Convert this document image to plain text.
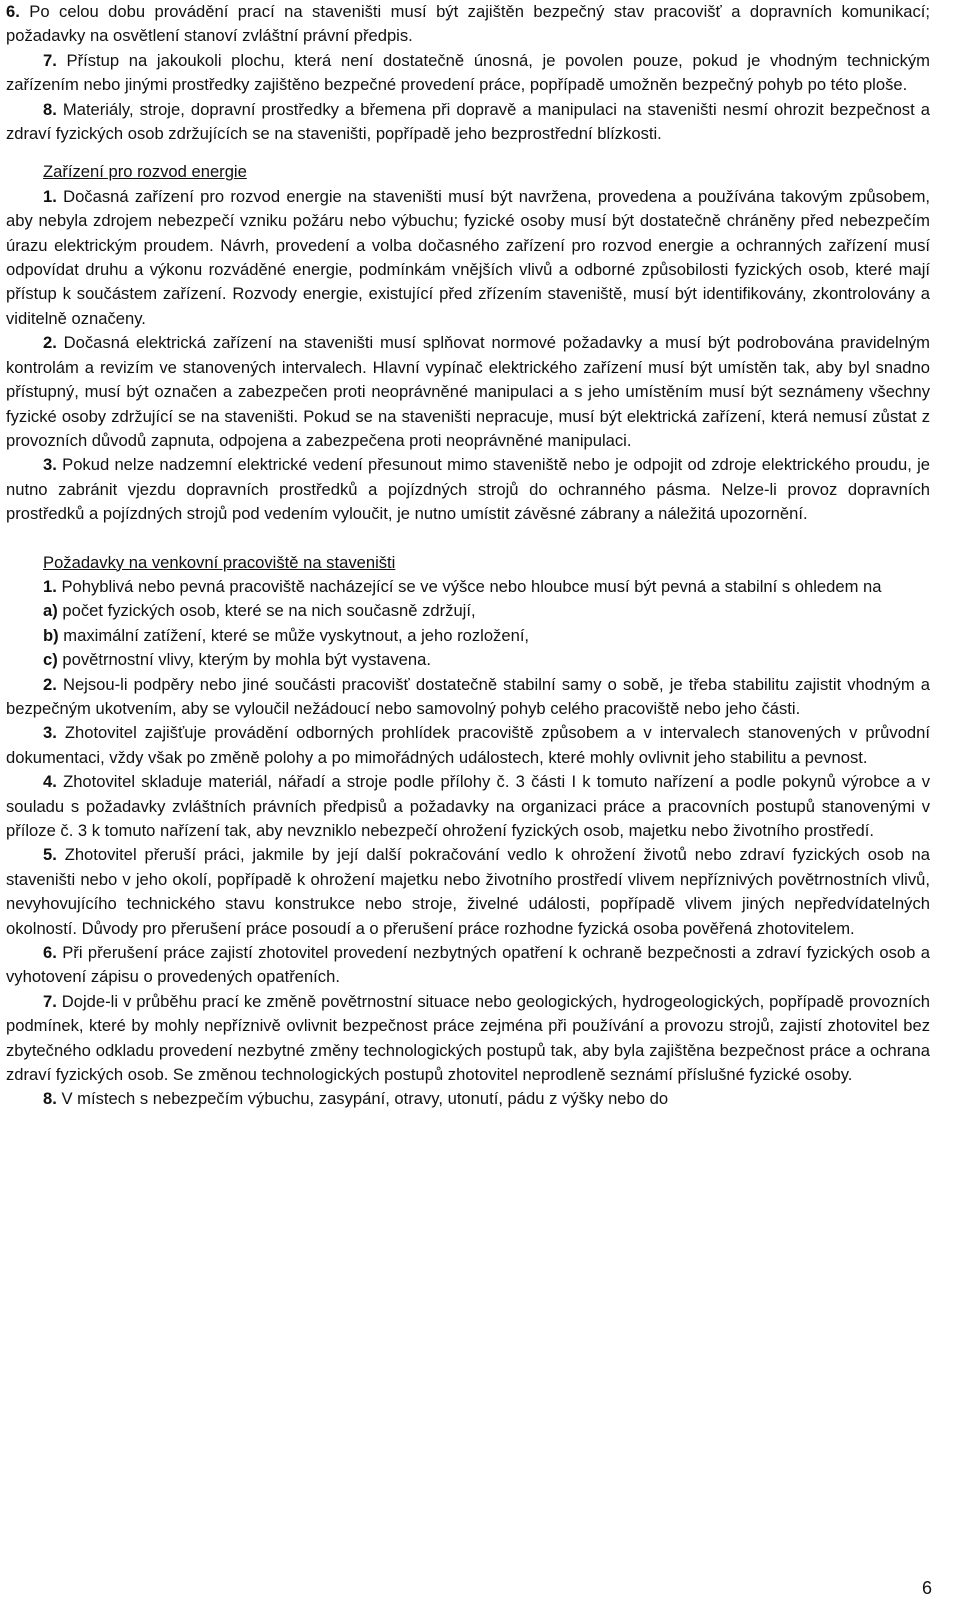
6. Po celou dobu provádění prací na staveništi musí být zajištěn bezpečný stav pracovišť a dopravních komunikací; požadavky na osvětlení stanoví zvláštní právní předpis.

7. Přístup na jakoukoli plochu, která není dostatečně únosná, je povolen pouze, pokud je vhodným technickým zařízením nebo jinými prostředky zajištěno bezpečné provedení práce, popřípadě umožněn bezpečný pohyb po této ploše.

8. Materiály, stroje, dopravní prostředky a břemena při dopravě a manipulaci na staveništi nesmí ohrozit bezpečnost a zdraví fyzických osob zdržujících se na staveništi, popřípadě jeho bezprostřední blízkosti.

Zařízení pro rozvod energie

1. Dočasná zařízení pro rozvod energie na staveništi musí být navržena, provedena a používána takovým způsobem, aby nebyla zdrojem nebezpečí vzniku požáru nebo výbuchu; fyzické osoby musí být dostatečně chráněny před nebezpečím úrazu elektrickým proudem. Návrh, provedení a volba dočasného zařízení pro rozvod energie a ochranných zařízení musí odpovídat druhu a výkonu rozváděné energie, podmínkám vnějších vlivů a odborné způsobilosti fyzických osob, které mají přístup k součástem zařízení. Rozvody energie, existující před zřízením staveniště, musí být identifikovány, zkontrolovány a viditelně označeny.

2. Dočasná elektrická zařízení na staveništi musí splňovat normové požadavky a musí být podrobována pravidelným kontrolám a revizím ve stanovených intervalech. Hlavní vypínač elektrického zařízení musí být umístěn tak, aby byl snadno přístupný, musí být označen a zabezpečen proti neoprávněné manipulaci a s jeho umístěním musí být seznámeny všechny fyzické osoby zdržující se na staveništi. Pokud se na staveništi nepracuje, musí být elektrická zařízení, která nemusí zůstat z provozních důvodů zapnuta, odpojena a zabezpečena proti neoprávněné manipulaci.

3. Pokud nelze nadzemní elektrické vedení přesunout mimo staveniště nebo je odpojit od zdroje elektrického proudu, je nutno zabránit vjezdu dopravních prostředků a pojízdných strojů do ochranného pásma. Nelze-li provoz dopravních prostředků a pojízdných strojů pod vedením vyloučit, je nutno umístit závěsné zábrany a náležitá upozornění.

Požadavky na venkovní pracoviště na staveništi

1. Pohyblivá nebo pevná pracoviště nacházející se ve výšce nebo hloubce musí být pevná a stabilní s ohledem na

a) počet fyzických osob, které se na nich současně zdržují,

b) maximální zatížení, které se může vyskytnout, a jeho rozložení,

c) povětrnostní vlivy, kterým by mohla být vystavena.

2. Nejsou-li podpěry nebo jiné součásti pracovišť dostatečně stabilní samy o sobě, je třeba stabilitu zajistit vhodným a bezpečným ukotvením, aby se vyloučil nežádoucí nebo samovolný pohyb celého pracoviště nebo jeho části.

3. Zhotovitel zajišťuje provádění odborných prohlídek pracoviště způsobem a v intervalech stanovených v průvodní dokumentaci, vždy však po změně polohy a po mimořádných událostech, které mohly ovlivnit jeho stabilitu a pevnost.

4. Zhotovitel skladuje materiál, nářadí a stroje podle přílohy č. 3 části I k tomuto nařízení a podle pokynů výrobce a v souladu s požadavky zvláštních právních předpisů a požadavky na organizaci práce a pracovních postupů stanovenými v příloze č. 3 k tomuto nařízení tak, aby nevzniklo nebezpečí ohrožení fyzických osob, majetku nebo životního prostředí.

5. Zhotovitel přeruší práci, jakmile by její další pokračování vedlo k ohrožení životů nebo zdraví fyzických osob na staveništi nebo v jeho okolí, popřípadě k ohrožení majetku nebo životního prostředí vlivem nepříznivých povětrnostních vlivů, nevyhovujícího technického stavu konstrukce nebo stroje, živelné události, popřípadě vlivem jiných nepředvídatelných okolností. Důvody pro přerušení práce posoudí a o přerušení práce rozhodne fyzická osoba pověřená zhotovitelem.

6. Při přerušení práce zajistí zhotovitel provedení nezbytných opatření k ochraně bezpečnosti a zdraví fyzických osob a vyhotovení zápisu o provedených opatřeních.

7. Dojde-li v průběhu prací ke změně povětrnostní situace nebo geologických, hydrogeologických, popřípadě provozních podmínek, které by mohly nepříznivě ovlivnit bezpečnost práce zejména při používání a provozu strojů, zajistí zhotovitel bez zbytečného odkladu provedení nezbytné změny technologických postupů tak, aby byla zajištěna bezpečnost práce a ochrana zdraví fyzických osob. Se změnou technologických postupů zhotovitel neprodleně seznámí příslušné fyzické osoby.

8. V místech s nebezpečím výbuchu, zasypání, otravy, utonutí, pádu z výšky nebo do

6
